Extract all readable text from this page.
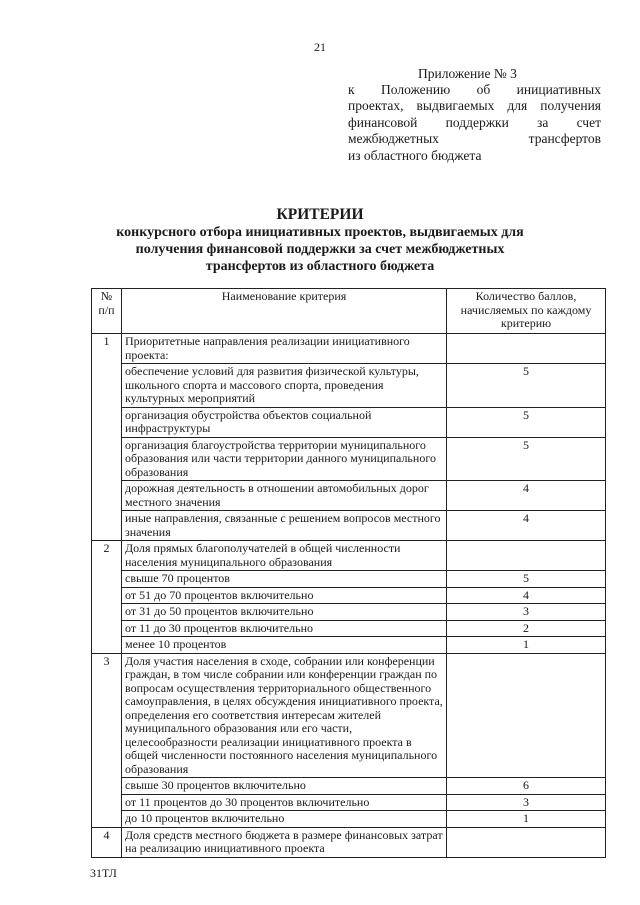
21
Приложение № 3
к Положению об инициативных
проектах, выдвигаемых для получения
финансовой поддержки за счет
межбюджетных трансфертов
из областного бюджета
КРИТЕРИИ
конкурсного отбора инициативных проектов, выдвигаемых для получения финансовой поддержки за счет межбюджетных трансфертов из областного бюджета
№ п/п	Наименование критерия	Количество баллов, начисляемых по каждому критерию
1	Приоритетные направления реализации инициативного проекта:	
	обеспечение условий для развития физической культуры, школьного спорта и массового спорта, проведения культурных мероприятий	5
	организация обустройства объектов социальной инфраструктуры	5
	организация благоустройства территории муниципального образования или части территории данного муниципального образования	5
	дорожная деятельность в отношении автомобильных дорог местного значения	4
	иные направления, связанные с решением вопросов местного значения	4
2	Доля прямых благополучателей в общей численности населения муниципального образования	
	свыше 70 процентов	5
	от 51 до 70 процентов включительно	4
	от 31 до 50 процентов включительно	3
	от 11 до 30 процентов включительно	2
	менее 10 процентов	1
3	Доля участия населения в сходе, собрании или конференции граждан, в том числе собрании или конференции граждан по вопросам осуществления территориального общественного самоуправления, в целях обсуждения инициативного проекта, определения его соответствия интересам жителей муниципального образования или его части, целесообразности реализации инициативного проекта в общей численности постоянного населения муниципального образования	
	свыше 30 процентов включительно	6
	от 11 процентов до 30 процентов включительно	3
	до 10 процентов включительно	1
4	Доля средств местного бюджета в размере финансовых затрат на реализацию инициативного проекта	
31ТЛ
